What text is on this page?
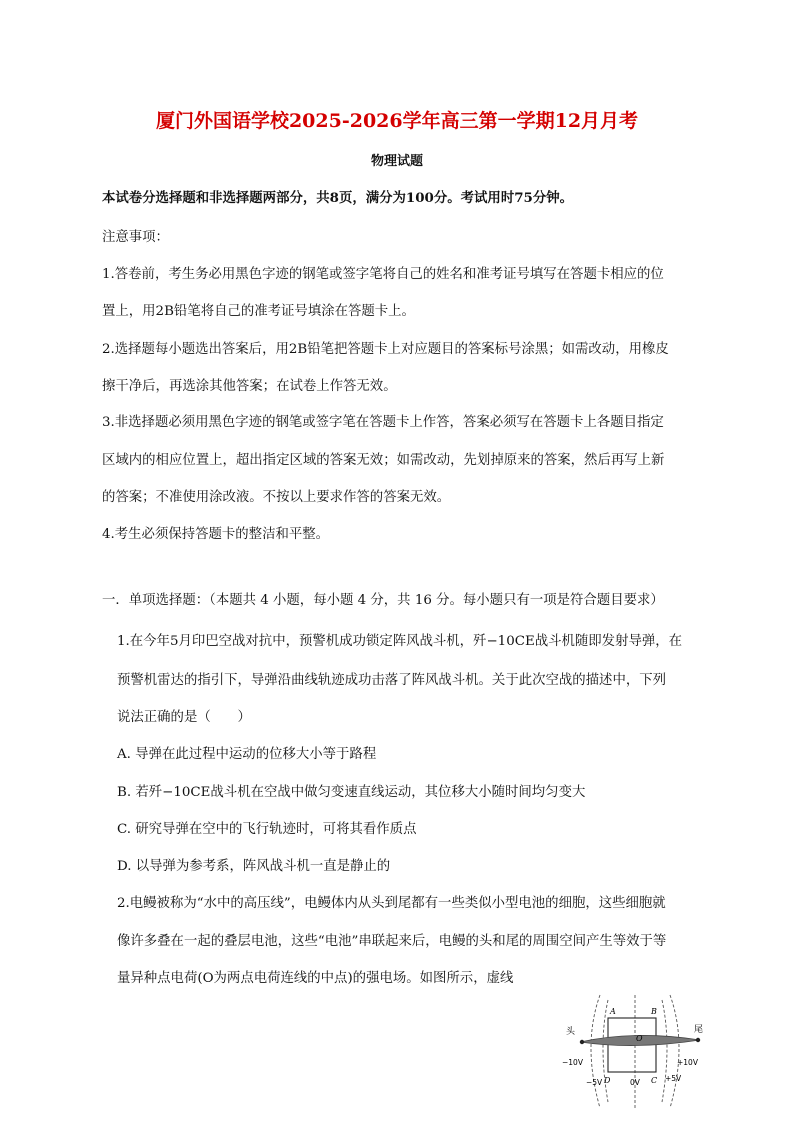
厦门外国语学校2025-2026学年高三第一学期12月月考
物理试题
本试卷分选择题和非选择题两部分，共8页，满分为100分。考试用时75分钟。
注意事项：
1.答卷前，考生务必用黑色字迹的钢笔或签字笔将自己的姓名和准考证号填写在答题卡相应的位
置上，用2B铅笔将自己的准考证号填涂在答题卡上。
2.选择题每小题选出答案后，用2B铅笔把答题卡上对应题目的答案标号涂黑；如需改动，用橡皮
擦干净后，再选涂其他答案；在试卷上作答无效。
3.非选择题必须用黑色字迹的钢笔或签字笔在答题卡上作答，答案必须写在答题卡上各题目指定
区域内的相应位置上，超出指定区域的答案无效；如需改动，先划掉原来的答案，然后再写上新
的答案；不准使用涂改液。不按以上要求作答的答案无效。
4.考生必须保持答题卡的整洁和平整。
一．单项选择题：（本题共 4 小题，每小题 4 分，共 16 分。每小题只有一项是符合题目要求）
1.在今年5月印巴空战对抗中，预警机成功锁定阵风战斗机，歼−10CE战斗机随即发射导弹，在
预警机雷达的指引下，导弹沿曲线轨迹成功击落了阵风战斗机。关于此次空战的描述中，下列
说法正确的是（　　）
A. 导弹在此过程中运动的位移大小等于路程
B. 若歼−10CE战斗机在空战中做匀变速直线运动，其位移大小随时间均匀变大
C. 研究导弹在空中的飞行轨迹时，可将其看作质点
D. 以导弹为参考系，阵风战斗机一直是静止的
2.电鳗被称为“水中的高压线”，电鳗体内从头到尾都有一些类似小型电池的细胞，这些细胞就
像许多叠在一起的叠层电池，这些“电池”串联起来后，电鳗的头和尾的周围空间产生等效于等
量异种点电荷(O为两点电荷连线的中点)的强电场。如图所示，虚线
头	尾
A	B
C
D
O
−10V	+10V
−5V	0V	+5V
